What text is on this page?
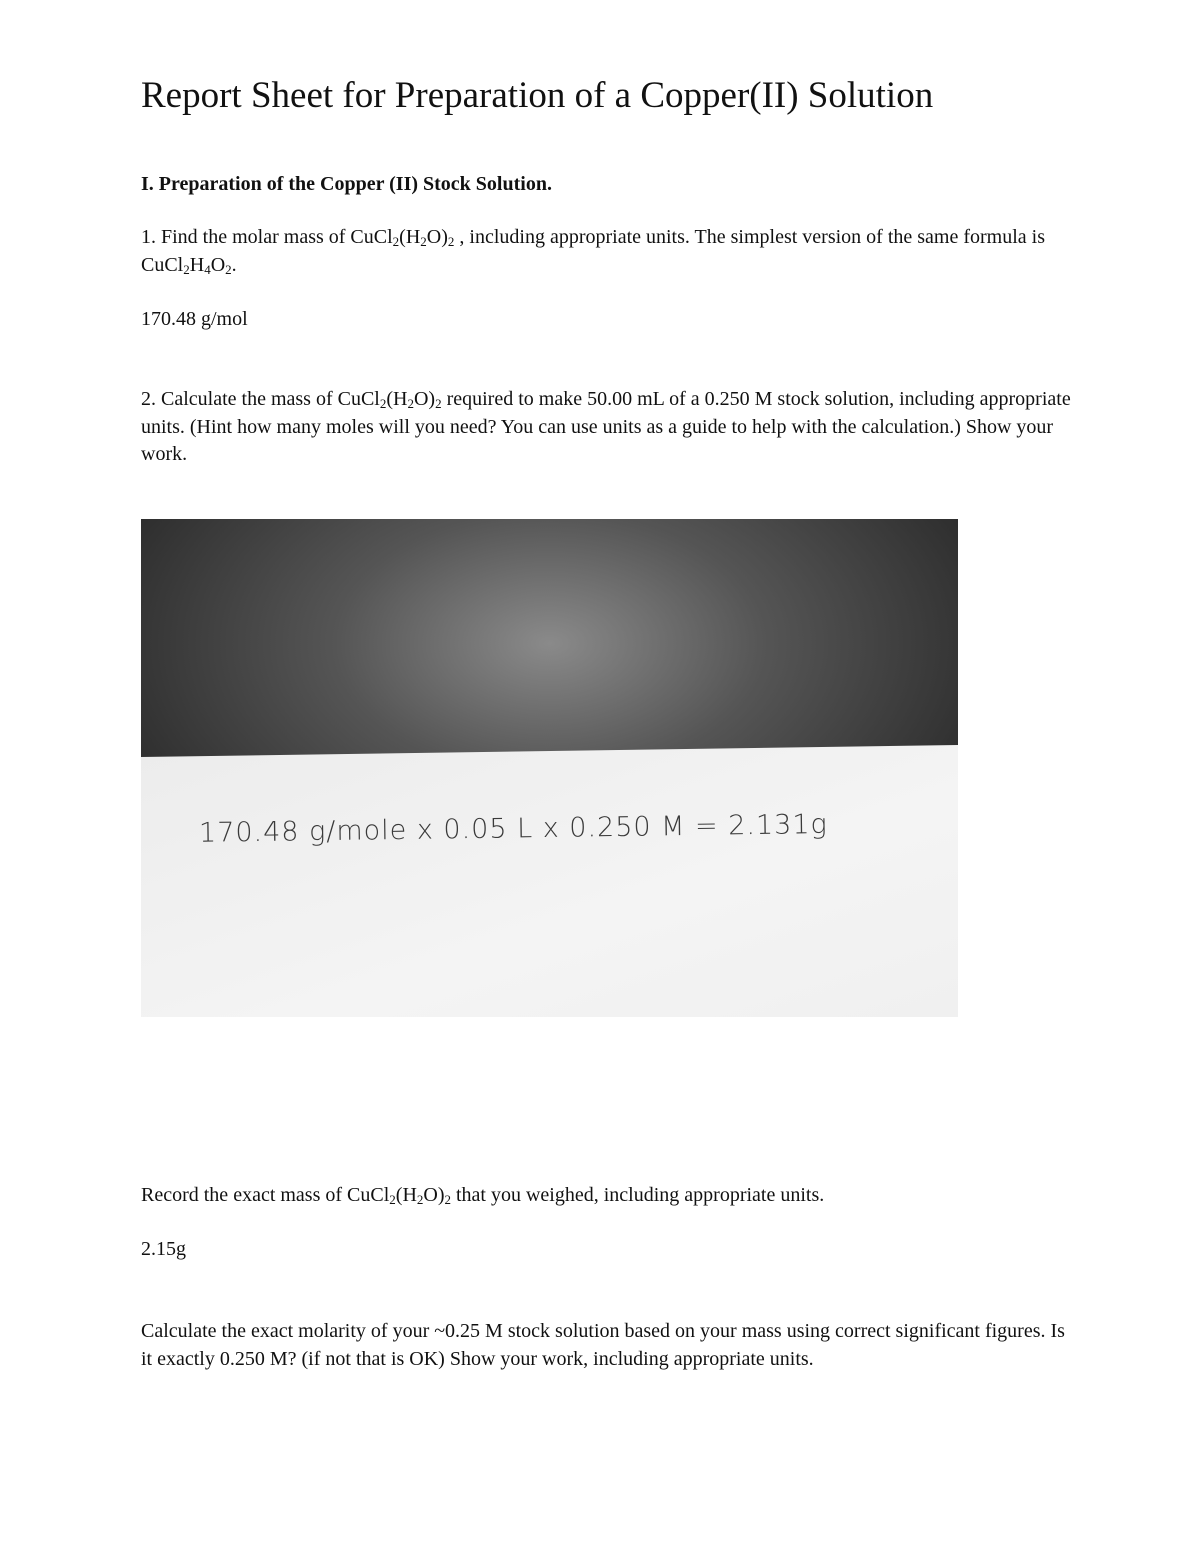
Report Sheet for Preparation of a Copper(II) Solution
I. Preparation of the Copper (II) Stock Solution.

1. Find the molar mass of $CuCl_2(H_2O)_2$ , including appropriate units. The simplest version of the same formula is $CuCl_2H_4O_2$.

170.48 g/mol

2. Calculate the mass of $CuCl_2(H_2O)_2$ required to make 50.00 mL of a 0.250 M stock solution, including appropriate units. (Hint how many moles will you need? You can use units as a guide to help with the calculation.) Show your work.

170.48 g/mole x 0.05 L x 0.250 M = 2.131g

Record the exact mass of $CuCl_2(H_2O)_2$ that you weighed, including appropriate units.

2.15g

Calculate the exact molarity of your ~0.25 M stock solution based on your mass using correct significant figures. Is it exactly 0.250 M? (if not that is OK) Show your work, including appropriate units.
